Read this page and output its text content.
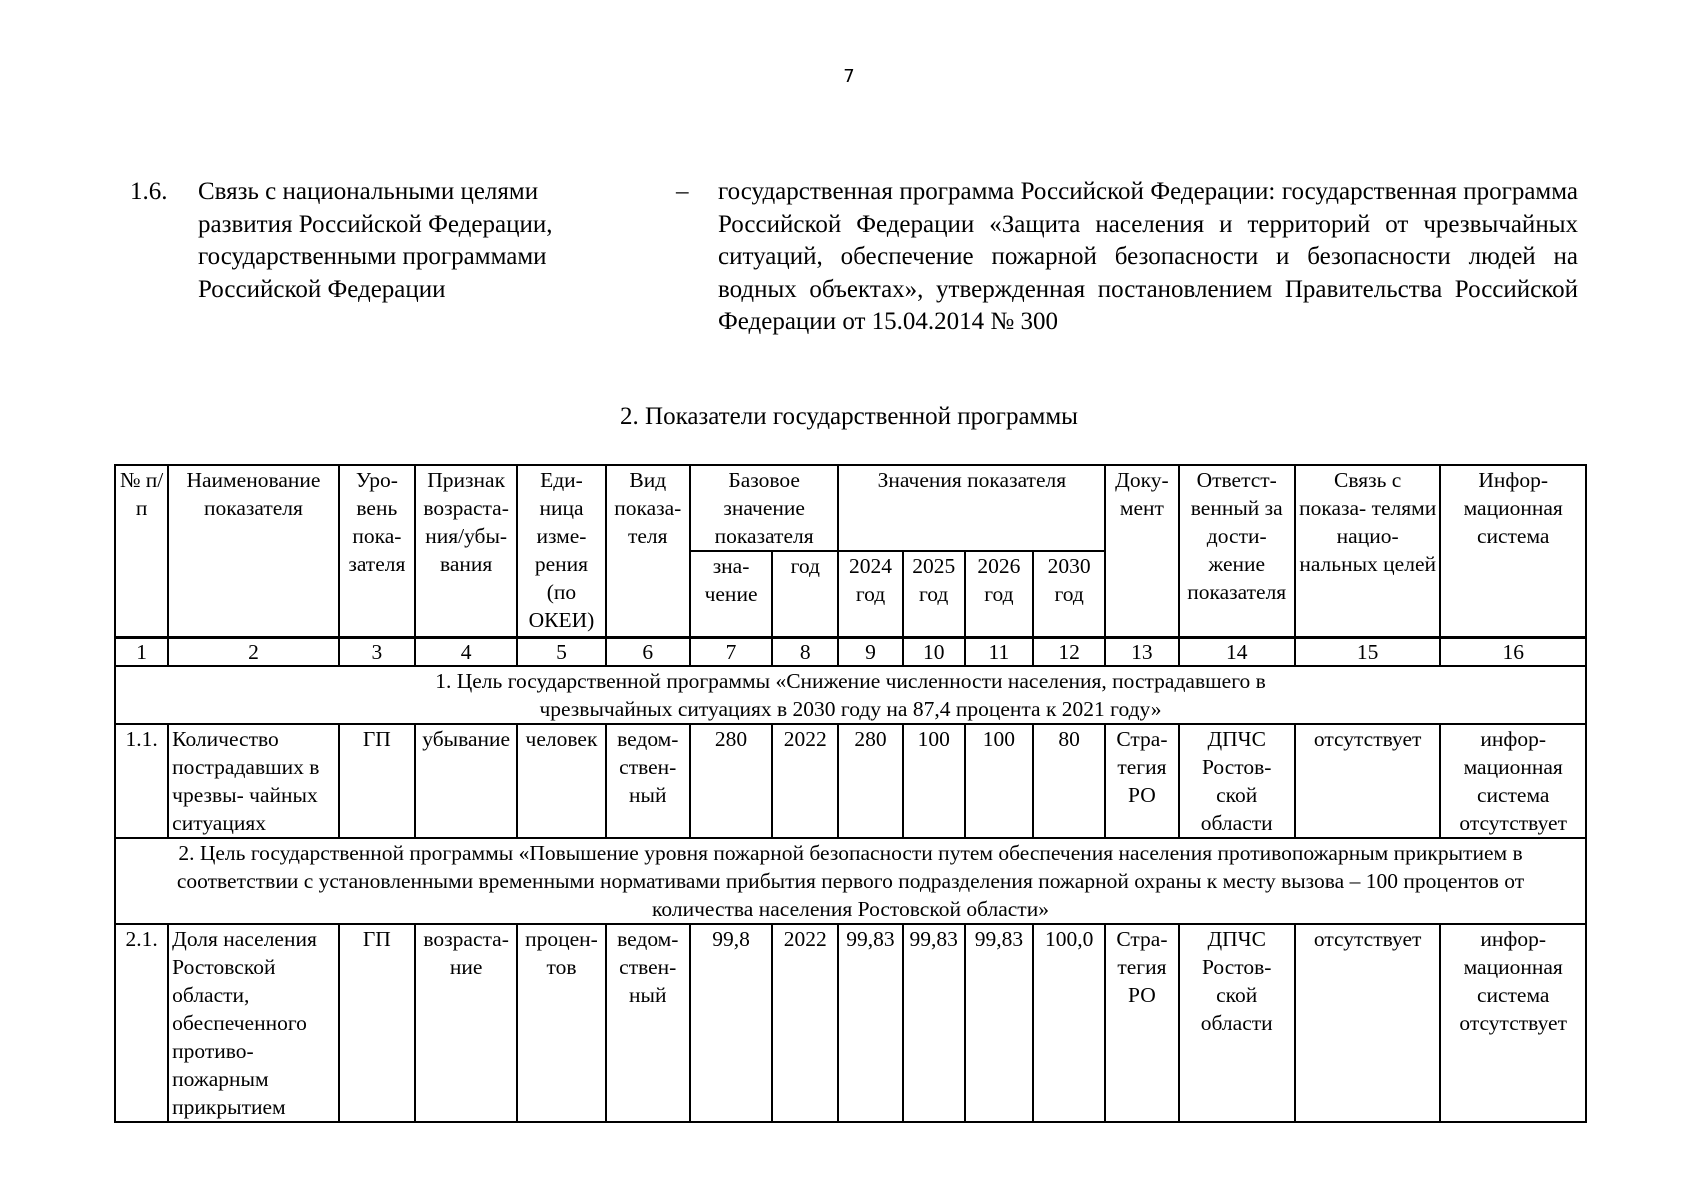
7
1.6. Связь с национальными целями развития Российской Федерации, государственными программами Российской Федерации
– государственная программа Российской Федерации: государственная программа Российской Федерации «Защита населения и территорий от чрезвычайных ситуаций, обеспечение пожарной безопасности и безопасности людей на водных объектах», утвержденная постановлением Правительства Российской Федерации от 15.04.2014 № 300
2. Показатели государственной программы
№ п/п	Наименование показателя	Уро- вень пока- зателя	Признак возраста- ния/убы- вания	Еди- ница изме- рения (по ОКЕИ)	Вид показа- теля	Базовое значение показателя		Значения показателя				Доку- мент	Ответст- венный за дости- жение показателя	Связь с показа- телями нацио- нальных целей	Инфор- мационная система
						зна- чение	год	2024 год	2025 год	2026 год	2030 год				
1	2	3	4	5	6	7	8	9	10	11	12	13	14	15	16
1. Цель государственной программы «Снижение численности населения, пострадавшего в чрезвычайных ситуациях в 2030 году на 87,4 процента к 2021 году»															
1.1.	Количество пострадавших в чрезвы- чайных ситуациях	ГП	убывание	человек	ведом- ствен- ный	280	2022	280	100	100	80	Стра- тегия РО	ДПЧС Ростов- ской области	отсутствует	инфор- мационная система отсутствует
2. Цель государственной программы «Повышение уровня пожарной безопасности путем обеспечения населения противопожарным прикрытием в соответствии с установленными временными нормативами прибытия первого подразделения пожарной охраны к месту вызова – 100 процентов от количества населения Ростовской области»															
2.1.	Доля населения Ростовской области, обеспеченного противо- пожарным прикрытием	ГП	возраста- ние	процен- тов	ведом- ствен- ный	99,8	2022	99,83	99,83	99,83	100,0	Стра- тегия РО	ДПЧС Ростов- ской области	отсутствует	инфор- мационная система отсутствует
